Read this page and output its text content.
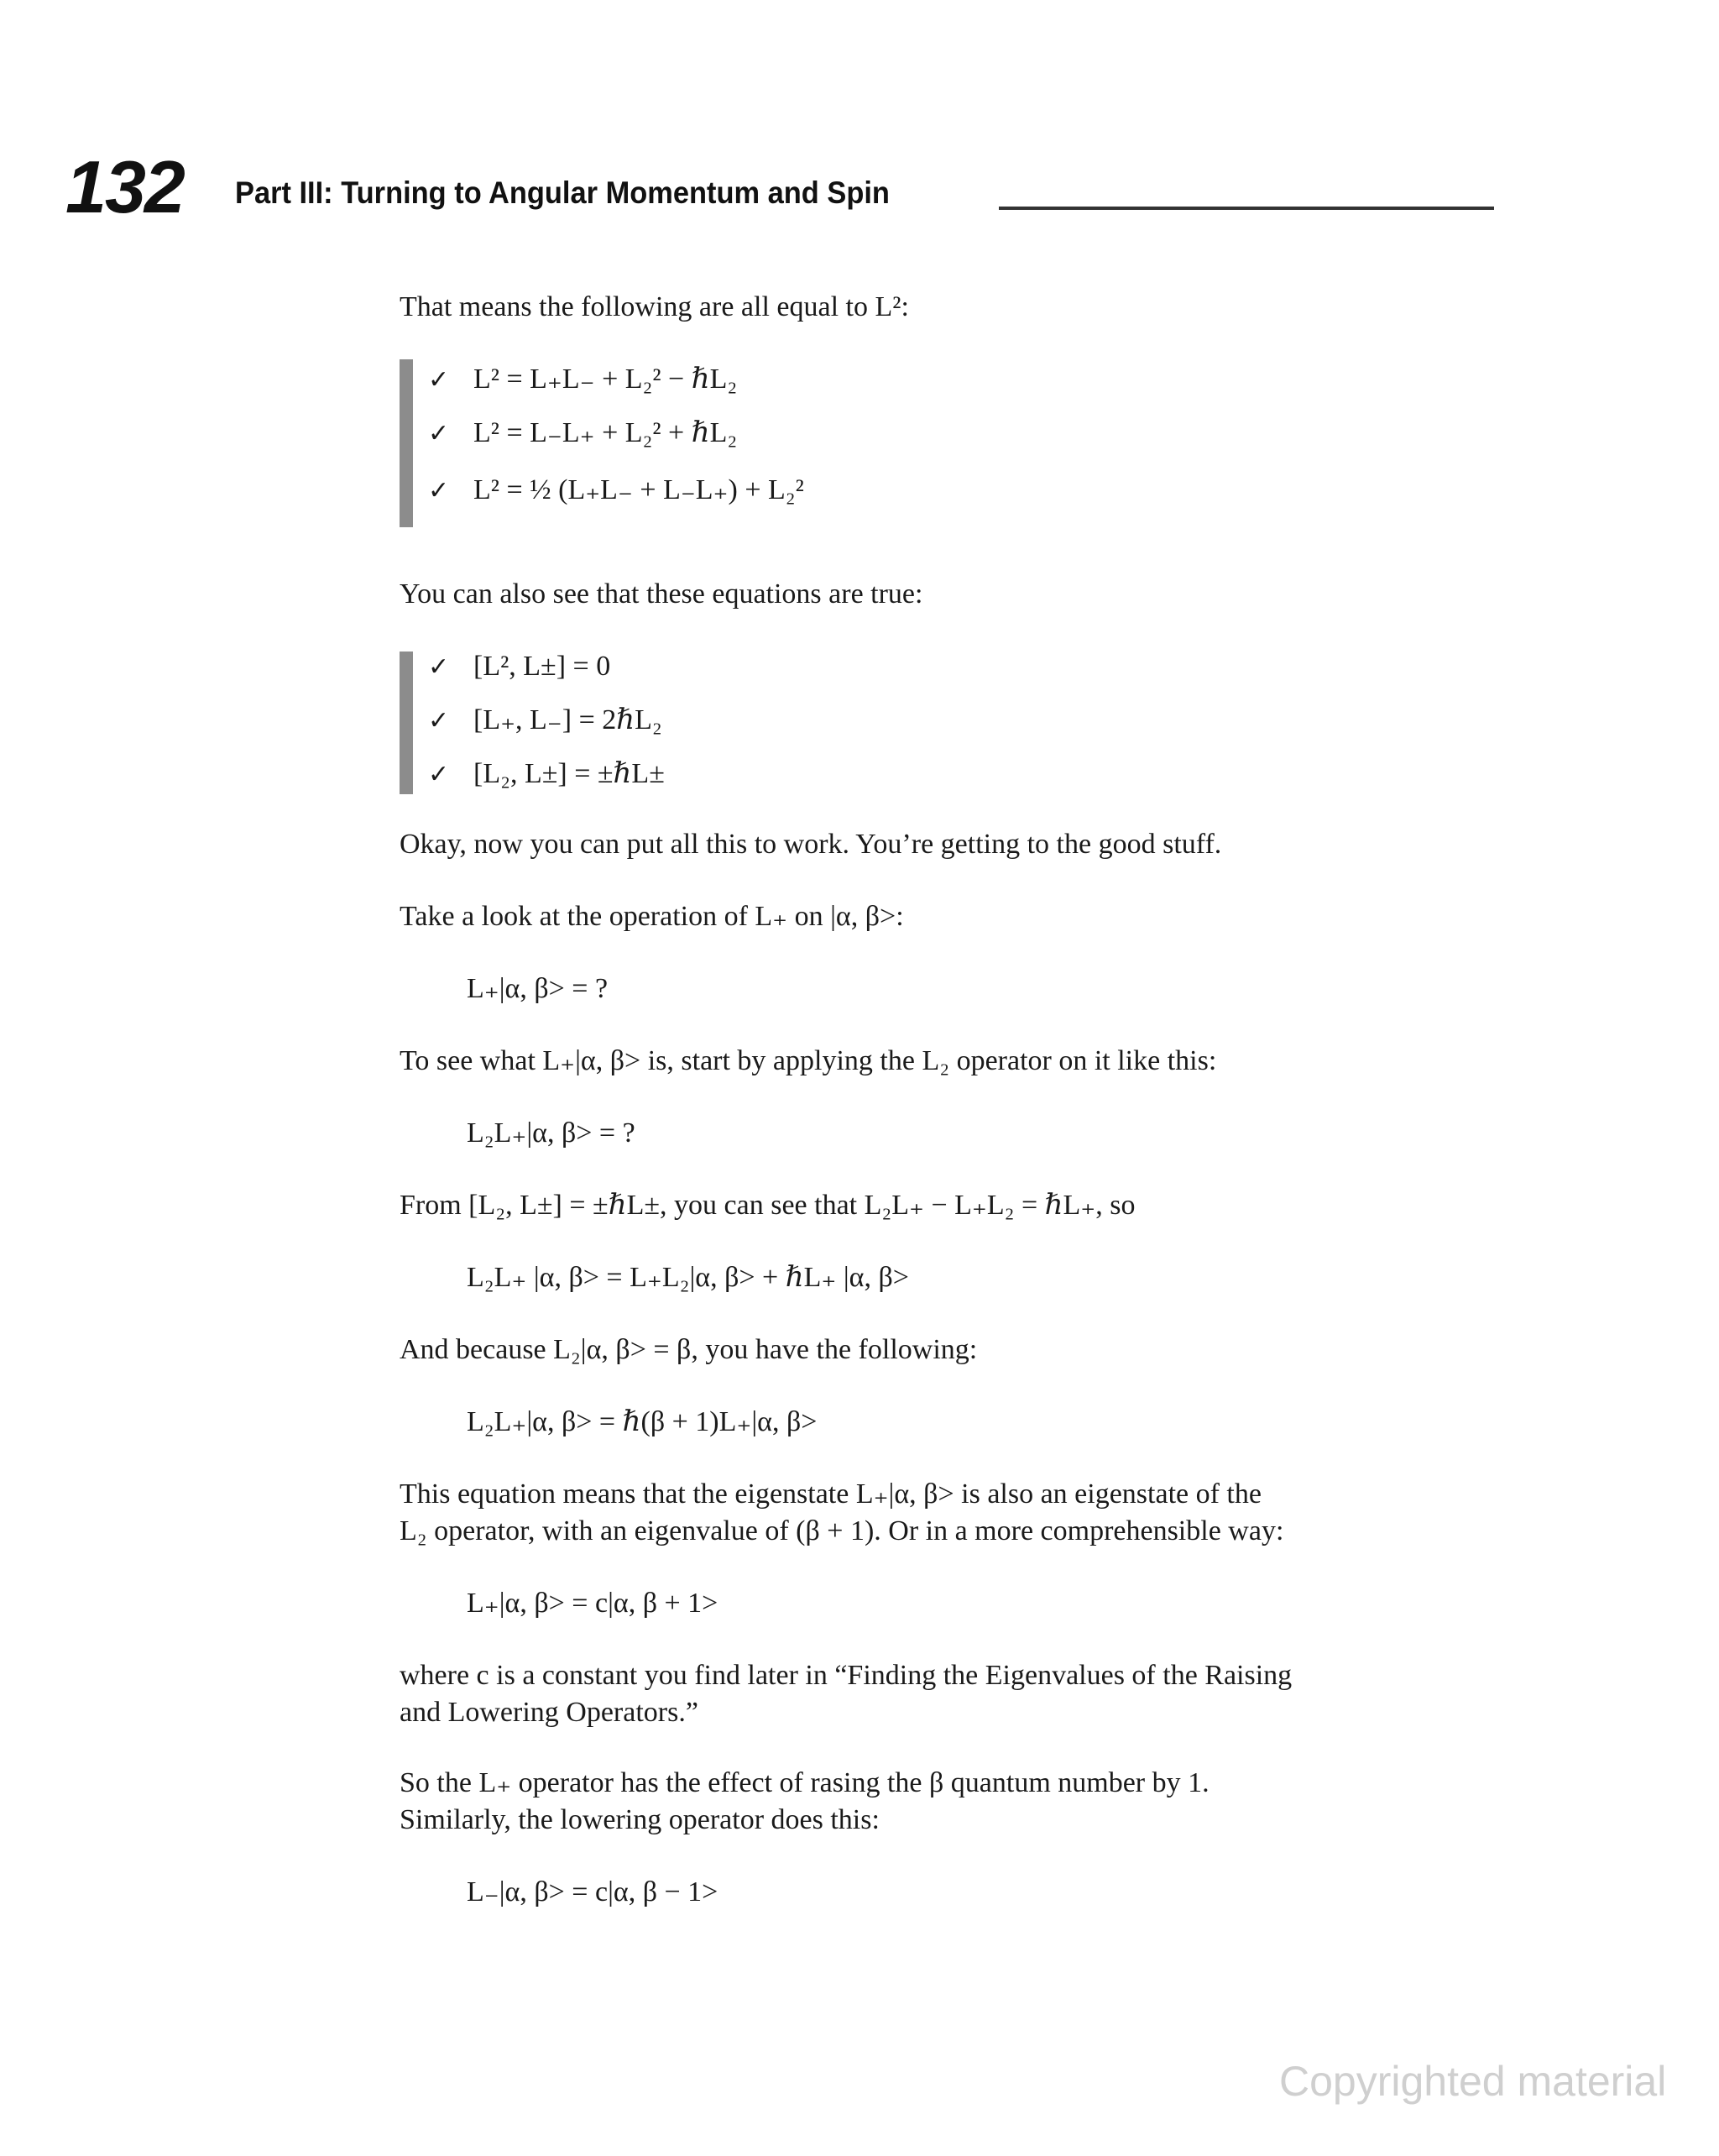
132 Part III: Turning to Angular Momentum and Spin

That means the following are all equal to L²:

✓ L² = L₊L₋ + L₂² − ℏL₂
✓ L² = L₋L₊ + L₂² + ℏL₂
✓ L² = ½ (L₊L₋ + L₋L₊) + L₂²

You can also see that these equations are true:

✓ [L², L±] = 0
✓ [L₊, L₋] = 2ℏL₂
✓ [L₂, L±] = ±ℏL±

Okay, now you can put all this to work. You’re getting to the good stuff.

Take a look at the operation of L₊ on |α, β>:

L₊|α, β> = ?

To see what L₊|α, β> is, start by applying the L₂ operator on it like this:

L₂L₊|α, β> = ?

From [L₂, L±] = ±ℏL±, you can see that L₂L₊ − L₊L₂ = ℏL₊, so

L₂L₊ |α, β> = L₊L₂|α, β> + ℏL₊ |α, β>

And because L₂|α, β> = β, you have the following:

L₂L₊|α, β> = ℏ(β + 1)L₊|α, β>

This equation means that the eigenstate L₊|α, β> is also an eigenstate of the

L₂ operator, with an eigenvalue of (β + 1). Or in a more comprehensible way:

L₊|α, β> = c|α, β + 1>

where c is a constant you find later in “Finding the Eigenvalues of the Raising

and Lowering Operators.”

So the L₊ operator has the effect of rasing the β quantum number by 1.

Similarly, the lowering operator does this:

L₋|α, β> = c|α, β − 1>

Copyrighted material
